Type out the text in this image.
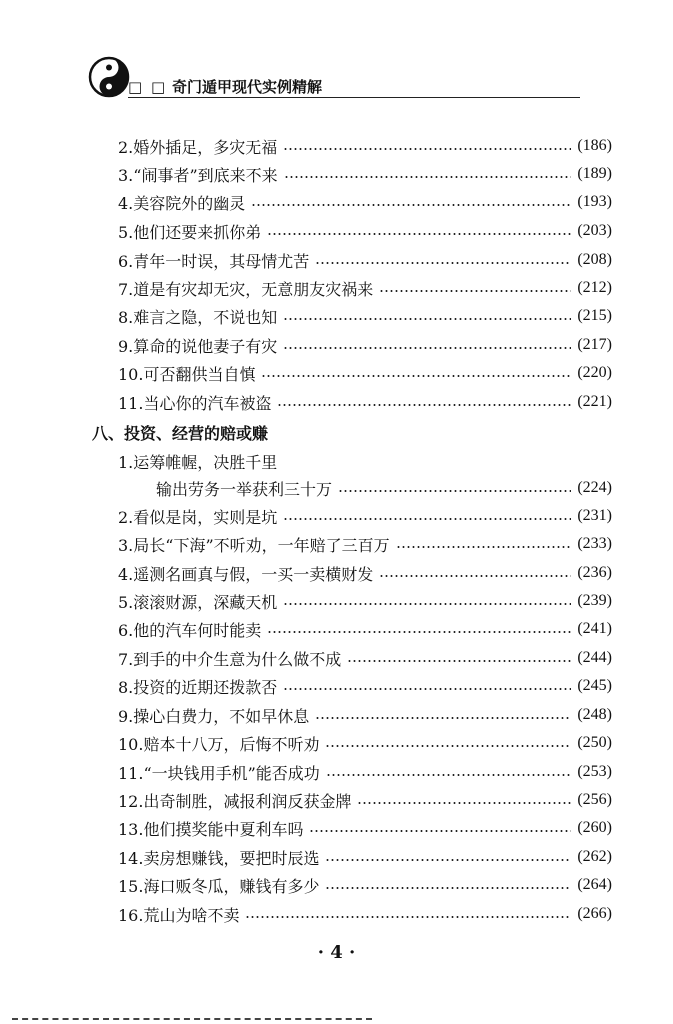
□ □ 奇门遁甲现代实例精解
2.婚外插足，多灾无福	(186)
3.“闹事者”到底来不来	(189)
4.美容院外的幽灵	(193)
5.他们还要来抓你弟	(203)
6.青年一时误，其母情尤苦	(208)
7.道是有灾却无灾，无意朋友灾祸来	(212)
8.难言之隐，不说也知	(215)
9.算命的说他妻子有灾	(217)
10.可否翻供当自慎	(220)
11.当心你的汽车被盗	(221)
八、投资、经营的赔或赚
1.运筹帷幄，决胜千里
输出劳务一举获利三十万	(224)
2.看似是岗，实则是坑	(231)
3.局长“下海”不听劝，一年赔了三百万	(233)
4.遥测名画真与假，一买一卖横财发	(236)
5.滚滚财源，深藏天机	(239)
6.他的汽车何时能卖	(241)
7.到手的中介生意为什么做不成	(244)
8.投资的近期还拨款否	(245)
9.操心白费力，不如早休息	(248)
10.赔本十八万，后悔不听劝	(250)
11.“一块钱用手机”能否成功	(253)
12.出奇制胜，减报利润反获金牌	(256)
13.他们摸奖能中夏利车吗	(260)
14.卖房想赚钱，要把时辰选	(262)
15.海口贩冬瓜，赚钱有多少	(264)
16.荒山为啥不卖	(266)
· 4 ·
